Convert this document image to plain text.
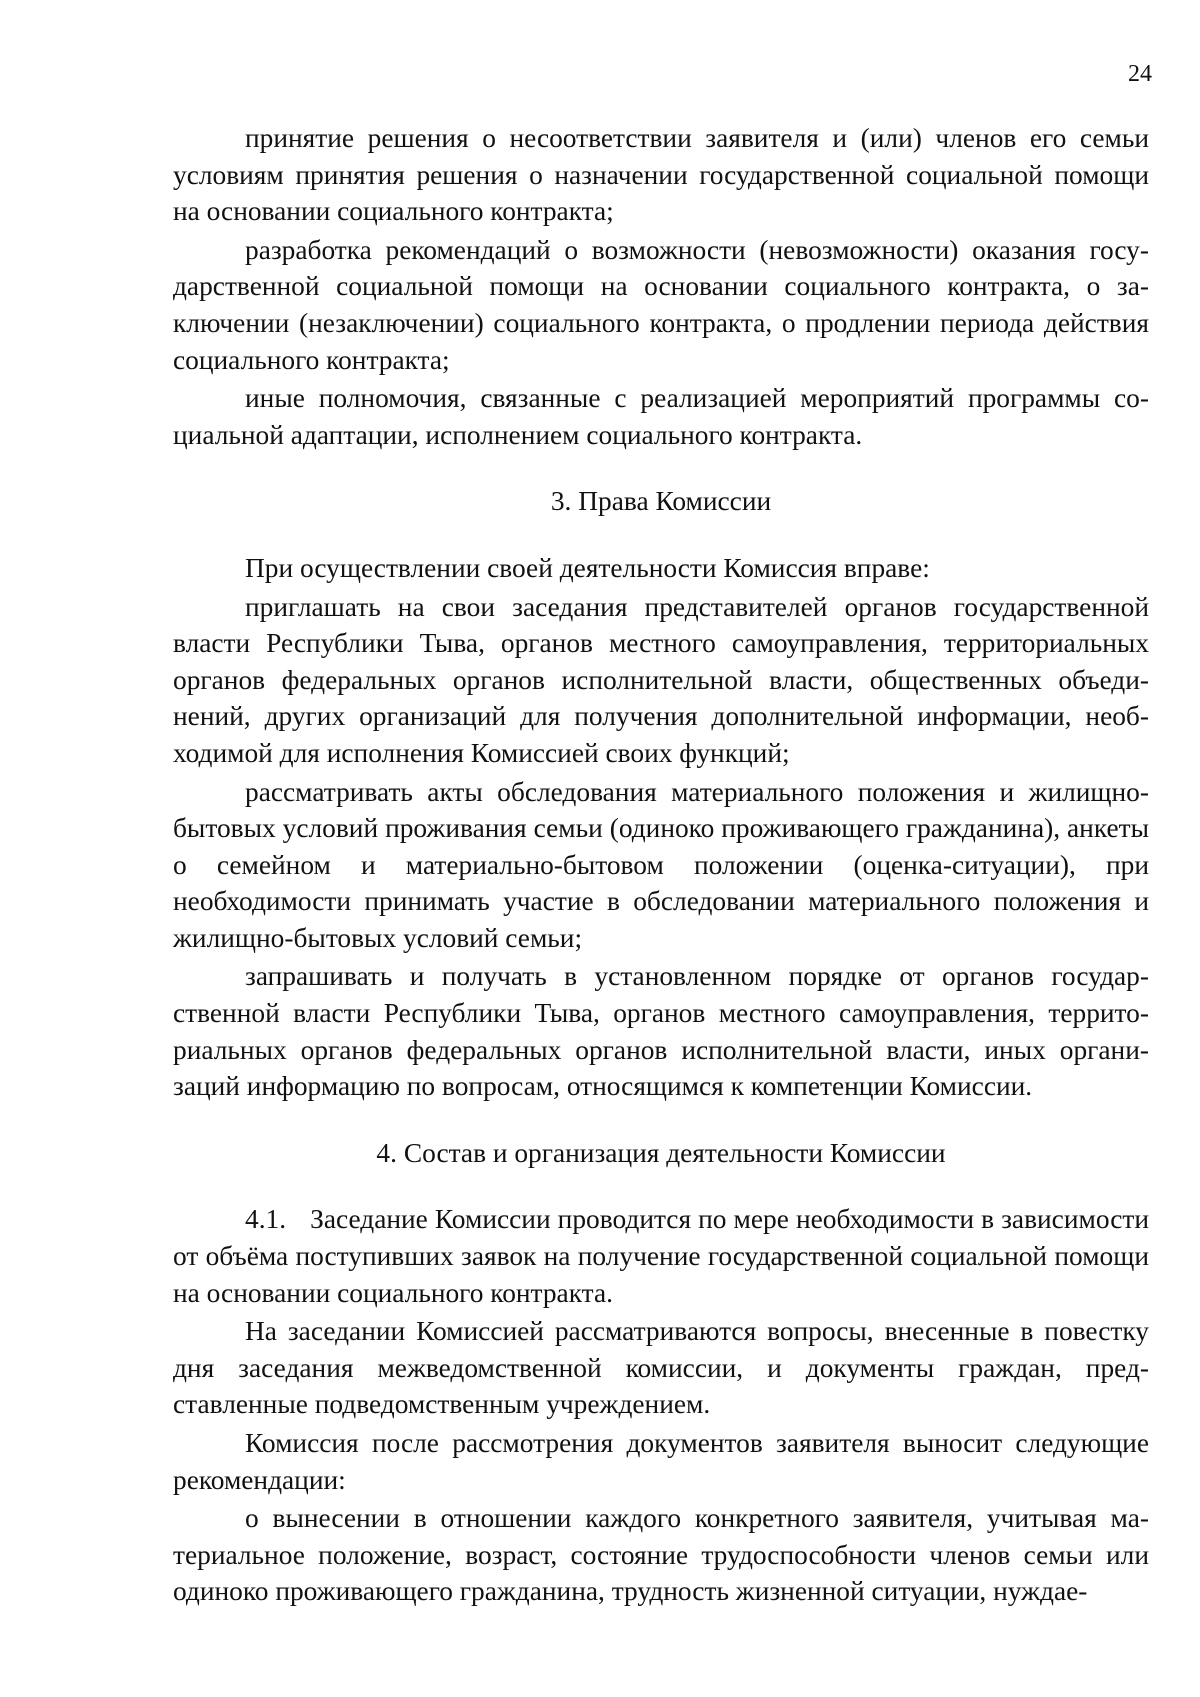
24

принятие решения о несоответствии заявителя и (или) членов его семьи условиям принятия решения о назначении государственной социальной помощи на основании социального контракта;

разработка рекомендаций о возможности (невозможности) оказания государственной социальной помощи на основании социального контракта, о заключении (незаключении) социального контракта, о продлении периода действия социального контракта;

иные полномочия, связанные с реализацией мероприятий программы социальной адаптации, исполнением социального контракта.

3. Права Комиссии

При осуществлении своей деятельности Комиссия вправе:

приглашать на свои заседания представителей органов государственной власти Республики Тыва, органов местного самоуправления, территориальных органов федеральных органов исполнительной власти, общественных объединений, других организаций для получения дополнительной информации, необходимой для исполнения Комиссией своих функций;

рассматривать акты обследования материального положения и жилищно-бытовых условий проживания семьи (одиноко проживающего гражданина), анкеты о семейном и материально-бытовом положении (оценка-ситуации), при необходимости принимать участие в обследовании материального положения и жилищно-бытовых условий семьи;

запрашивать и получать в установленном порядке от органов государственной власти Республики Тыва, органов местного самоуправления, территориальных органов федеральных органов исполнительной власти, иных организаций информацию по вопросам, относящимся к компетенции Комиссии.

4. Состав и организация деятельности Комиссии

4.1. Заседание Комиссии проводится по мере необходимости в зависимости от объёма поступивших заявок на получение государственной социальной помощи на основании социального контракта.

На заседании Комиссией рассматриваются вопросы, внесенные в повестку дня заседания межведомственной комиссии, и документы граждан, представленные подведомственным учреждением.

Комиссия после рассмотрения документов заявителя выносит следующие рекомендации:

о вынесении в отношении каждого конкретного заявителя, учитывая материальное положение, возраст, состояние трудоспособности членов семьи или одиноко проживающего гражданина, трудность жизненной ситуации, нуждае-
